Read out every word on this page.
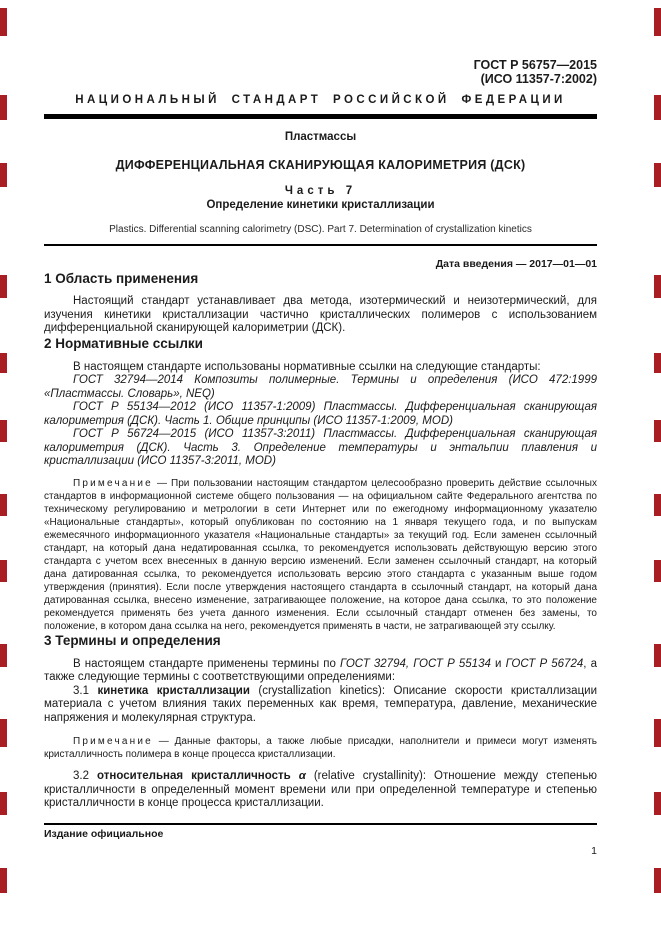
ГОСТ Р 56757—2015

(ИСО 11357-7:2002)

НАЦИОНАЛЬНЫЙ СТАНДАРТ РОССИЙСКОЙ ФЕДЕРАЦИИ

Пластмассы

ДИФФЕРЕНЦИАЛЬНАЯ СКАНИРУЮЩАЯ КАЛОРИМЕТРИЯ (ДСК)

Часть 7

Определение кинетики кристаллизации

Plastics. Differential scanning calorimetry (DSC). Part 7. Determination of crystallization kinetics

Дата введения — 2017—01—01

1 Область применения

Настоящий стандарт устанавливает два метода, изотермический и неизотермический, для изучения кинетики кристаллизации частично кристаллических полимеров с использованием дифференциальной сканирующей калориметрии (ДСК).

2 Нормативные ссылки

В настоящем стандарте использованы нормативные ссылки на следующие стандарты:

ГОСТ 32794—2014 Композиты полимерные. Термины и определения (ИСО 472:1999 «Пластмассы. Словарь», NEQ)

ГОСТ Р 55134—2012 (ИСО 11357-1:2009) Пластмассы. Дифференциальная сканирующая калориметрия (ДСК). Часть 1. Общие принципы (ИСО 11357-1:2009, MOD)

ГОСТ Р 56724—2015 (ИСО 11357-3:2011) Пластмассы. Дифференциальная сканирующая калориметрия (ДСК). Часть 3. Определение температуры и энтальпии плавления и кристаллизации (ИСО 11357-3:2011, MOD)

Примечание — При пользовании настоящим стандартом целесообразно проверить действие ссылочных стандартов в информационной системе общего пользования — на официальном сайте Федерального агентства по техническому регулированию и метрологии в сети Интернет или по ежегодному информационному указателю «Национальные стандарты», который опубликован по состоянию на 1 января текущего года, и по выпускам ежемесячного информационного указателя «Национальные стандарты» за текущий год. Если заменен ссылочный стандарт, на который дана недатированная ссылка, то рекомендуется использовать действующую версию этого стандарта с учетом всех внесенных в данную версию изменений. Если заменен ссылочный стандарт, на который дана датированная ссылка, то рекомендуется использовать версию этого стандарта с указанным выше годом утверждения (принятия). Если после утверждения настоящего стандарта в ссылочный стандарт, на который дана датированная ссылка, внесено изменение, затрагивающее положение, на которое дана ссылка, то это положение рекомендуется применять без учета данного изменения. Если ссылочный стандарт отменен без замены, то положение, в котором дана ссылка на него, рекомендуется применять в части, не затрагивающей эту ссылку.

3 Термины и определения

В настоящем стандарте применены термины по ГОСТ 32794, ГОСТ Р 55134 и ГОСТ Р 56724, а также следующие термины с соответствующими определениями:

3.1 кинетика кристаллизации (crystallization kinetics): Описание скорости кристаллизации материала с учетом влияния таких переменных как время, температура, давление, механические напряжения и молекулярная структура.

Примечание — Данные факторы, а также любые присадки, наполнители и примеси могут изменять кристалличность полимера в конце процесса кристаллизации.

3.2 относительная кристалличность α (relative crystallinity): Отношение между степенью кристалличности в определенный момент времени или при определенной температуре и степенью кристалличности в конце процесса кристаллизации.

Издание официальное

1
